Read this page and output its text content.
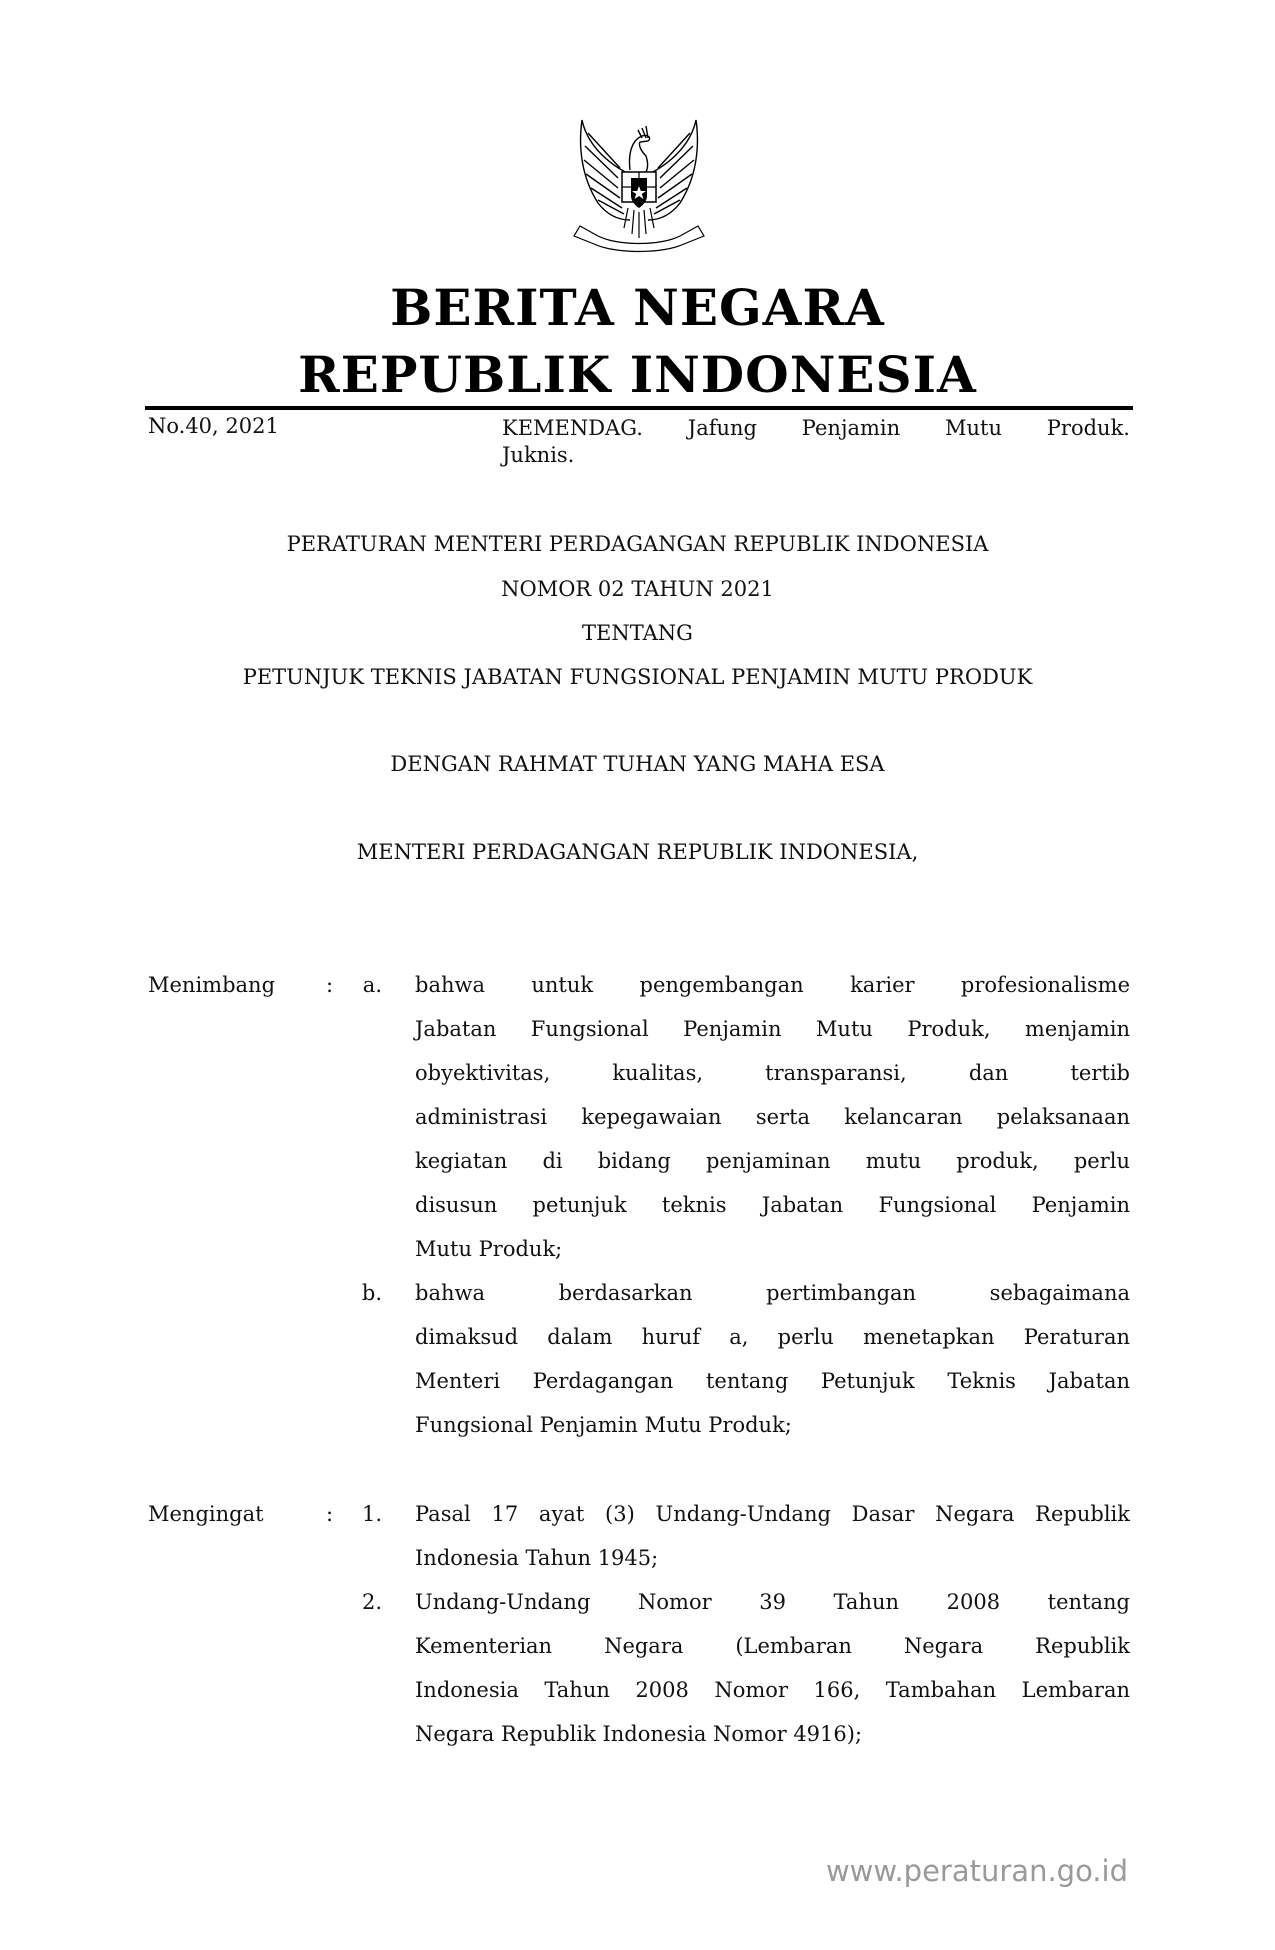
BERITA NEGARA
REPUBLIK INDONESIA
No.40, 2021	KEMENDAG. Jafung Penjamin Mutu Produk.
Juknis.
PERATURAN MENTERI PERDAGANGAN REPUBLIK INDONESIA
NOMOR 02 TAHUN 2021
TENTANG
PETUNJUK TEKNIS JABATAN FUNGSIONAL PENJAMIN MUTU PRODUK
DENGAN RAHMAT TUHAN YANG MAHA ESA
MENTERI PERDAGANGAN REPUBLIK INDONESIA,
Menimbang :	a. bahwa untuk pengembangan karier profesionalisme
Jabatan Fungsional Penjamin Mutu Produk, menjamin
obyektivitas, kualitas, transparansi, dan tertib
administrasi kepegawaian serta kelancaran pelaksanaan
kegiatan di bidang penjaminan mutu produk, perlu
disusun petunjuk teknis Jabatan Fungsional Penjamin
Mutu Produk;
b. bahwa berdasarkan pertimbangan sebagaimana
dimaksud dalam huruf a, perlu menetapkan Peraturan
Menteri Perdagangan tentang Petunjuk Teknis Jabatan
Fungsional Penjamin Mutu Produk;
Mengingat	:	1. Pasal 17 ayat (3) Undang-Undang Dasar Negara Republik
Indonesia Tahun 1945;
2. Undang-Undang Nomor 39 Tahun 2008 tentang
Kementerian Negara (Lembaran Negara Republik
Indonesia Tahun 2008 Nomor 166, Tambahan Lembaran
Negara Republik Indonesia Nomor 4916);
www.peraturan.go.id
